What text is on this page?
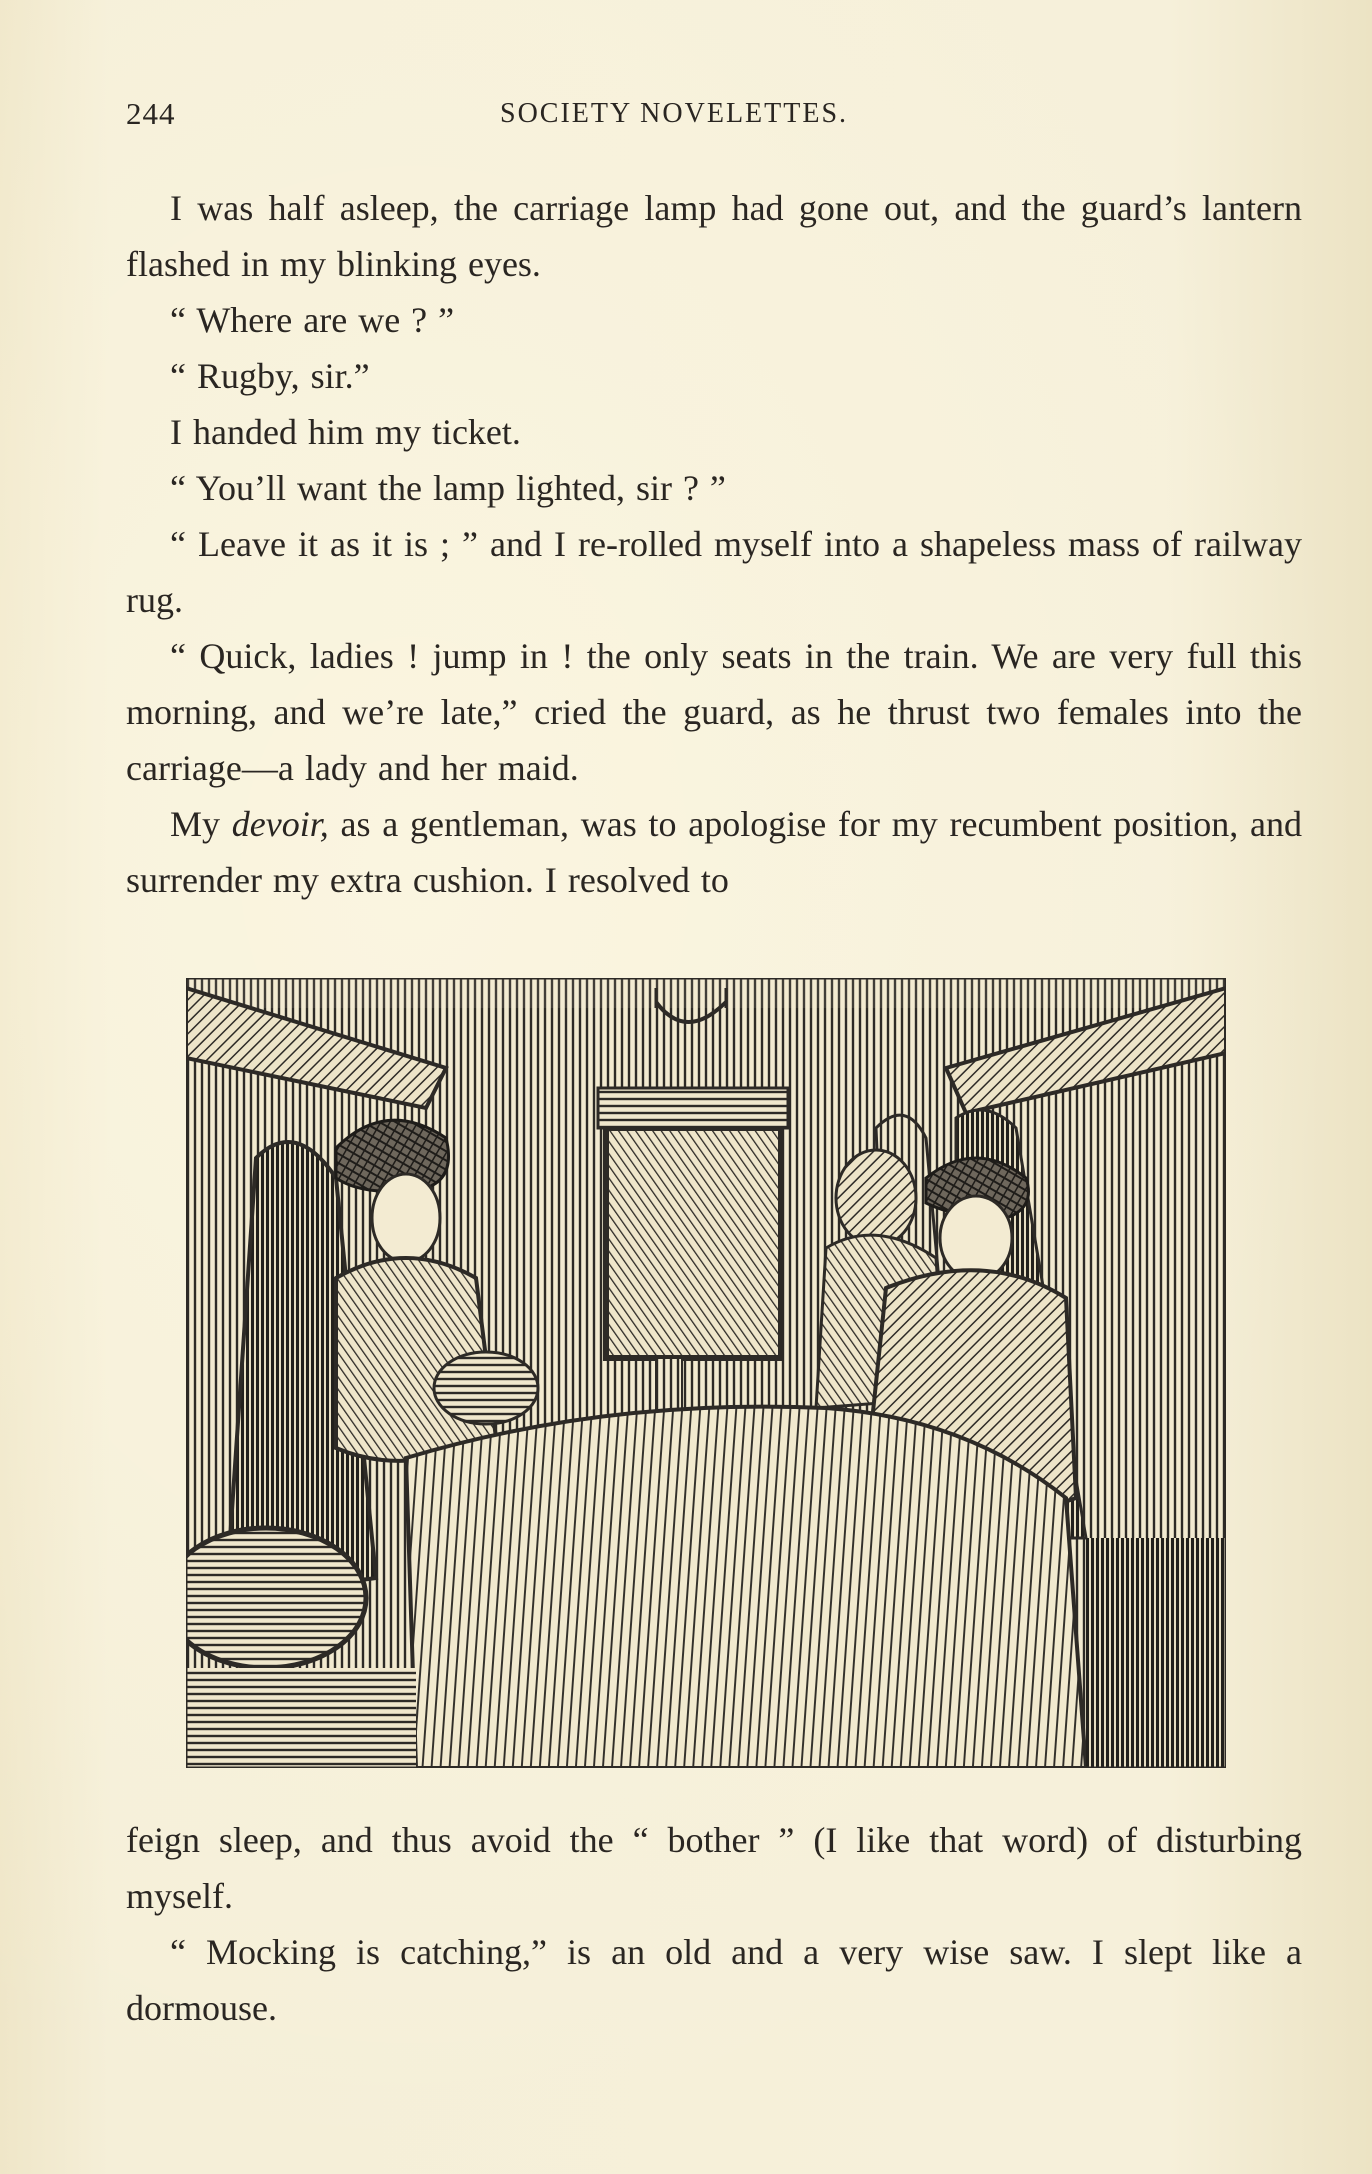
244	SOCIETY NOVELETTES.

I was half asleep, the carriage lamp had gone out, and the guard’s lantern flashed in my blinking eyes.

“ Where are we ? ”

“ Rugby, sir.”

I handed him my ticket.

“ You’ll want the lamp lighted, sir ? ”

“ Leave it as it is ; ” and I re-rolled myself into a shapeless mass of railway rug.

“ Quick, ladies ! jump in ! the only seats in the train. We are very full this morning, and we’re late,” cried the guard, as he thrust two females into the carriage—a lady and her maid.

My devoir, as a gentleman, was to apologise for my recumbent position, and surrender my extra cushion. I resolved to

feign sleep, and thus avoid the “ bother ” (I like that word) of disturbing myself.

“ Mocking is catching,” is an old and a very wise saw. I slept like a dormouse.
